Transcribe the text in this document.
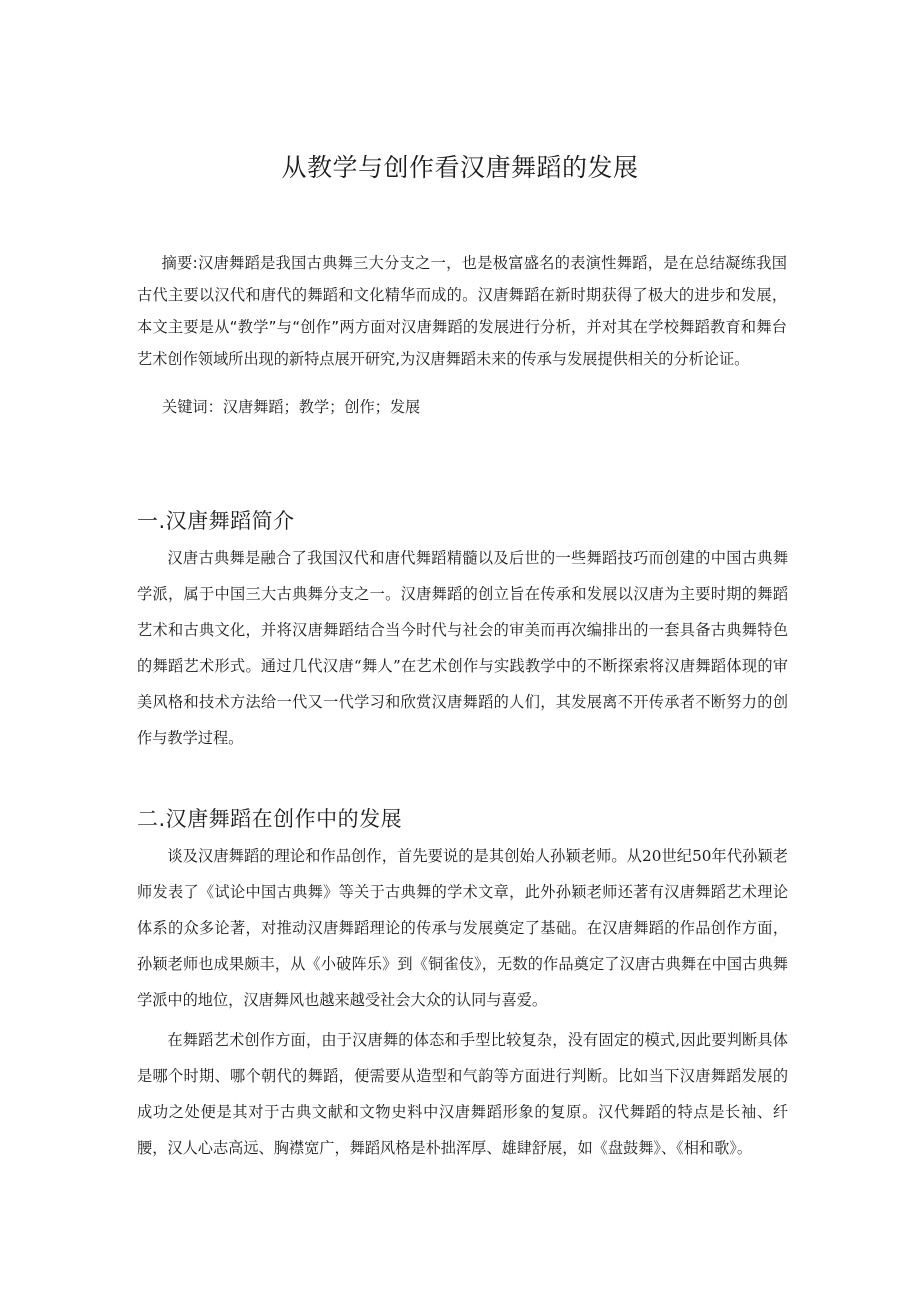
从教学与创作看汉唐舞蹈的发展

摘要:汉唐舞蹈是我国古典舞三大分支之一，也是极富盛名的表演性舞蹈，是在总结凝练我国古代主要以汉代和唐代的舞蹈和文化精华而成的。汉唐舞蹈在新时期获得了极大的进步和发展，本文主要是从“教学”与“创作”两方面对汉唐舞蹈的发展进行分析，并对其在学校舞蹈教育和舞台艺术创作领域所出现的新特点展开研究,为汉唐舞蹈未来的传承与发展提供相关的分析论证。

关键词：汉唐舞蹈；教学；创作；发展

一.汉唐舞蹈简介

汉唐古典舞是融合了我国汉代和唐代舞蹈精髓以及后世的一些舞蹈技巧而创建的中国古典舞学派，属于中国三大古典舞分支之一。汉唐舞蹈的创立旨在传承和发展以汉唐为主要时期的舞蹈艺术和古典文化，并将汉唐舞蹈结合当今时代与社会的审美而再次编排出的一套具备古典舞特色的舞蹈艺术形式。通过几代汉唐“舞人”在艺术创作与实践教学中的不断探索将汉唐舞蹈体现的审美风格和技术方法给一代又一代学习和欣赏汉唐舞蹈的人们，其发展离不开传承者不断努力的创作与教学过程。

二.汉唐舞蹈在创作中的发展

谈及汉唐舞蹈的理论和作品创作，首先要说的是其创始人孙颖老师。从20世纪50年代孙颖老师发表了《试论中国古典舞》等关于古典舞的学术文章，此外孙颖老师还著有汉唐舞蹈艺术理论体系的众多论著，对推动汉唐舞蹈理论的传承与发展奠定了基础。在汉唐舞蹈的作品创作方面，孙颖老师也成果颇丰，从《小破阵乐》到《铜雀伎》，无数的作品奠定了汉唐古典舞在中国古典舞学派中的地位，汉唐舞风也越来越受社会大众的认同与喜爱。

在舞蹈艺术创作方面，由于汉唐舞的体态和手型比较复杂，没有固定的模式,因此要判断具体是哪个时期、哪个朝代的舞蹈，便需要从造型和气韵等方面进行判断。比如当下汉唐舞蹈发展的成功之处便是其对于古典文献和文物史料中汉唐舞蹈形象的复原。汉代舞蹈的特点是长袖、纤腰，汉人心志高远、胸襟宽广，舞蹈风格是朴拙浑厚、雄肆舒展，如《盘鼓舞》、《相和歌》。
